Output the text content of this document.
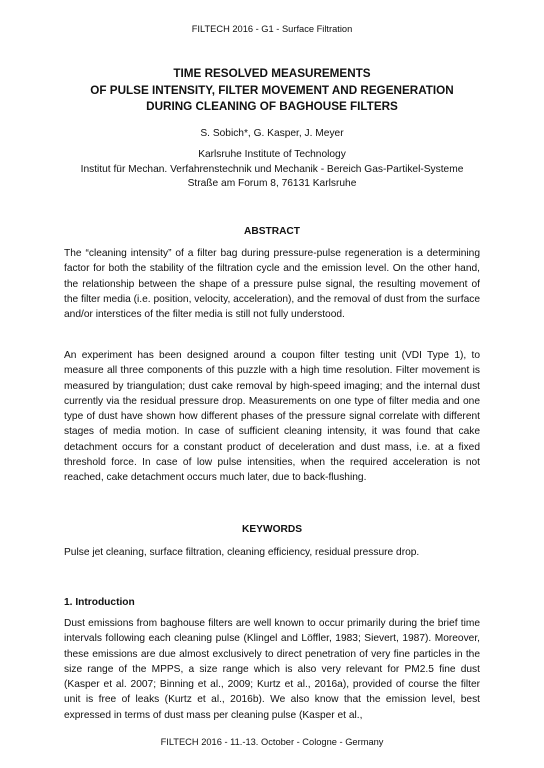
FILTECH 2016 - G1 - Surface Filtration
TIME RESOLVED MEASUREMENTS
OF PULSE INTENSITY, FILTER MOVEMENT AND REGENERATION
DURING CLEANING OF BAGHOUSE FILTERS
S. Sobich*, G. Kasper, J. Meyer
Karlsruhe Institute of Technology
Institut für Mechan. Verfahrenstechnik und Mechanik - Bereich Gas-Partikel-Systeme
Straße am Forum 8, 76131 Karlsruhe
ABSTRACT

The “cleaning intensity” of a filter bag during pressure-pulse regeneration is a determining factor for both the stability of the filtration cycle and the emission level. On the other hand, the relationship between the shape of a pressure pulse signal, the resulting movement of the filter media (i.e. position, velocity, acceleration), and the removal of dust from the surface and/or interstices of the filter media is still not fully understood.

An experiment has been designed around a coupon filter testing unit (VDI Type 1), to measure all three components of this puzzle with a high time resolution. Filter movement is measured by triangulation; dust cake removal by high-speed imaging; and the internal dust currently via the residual pressure drop. Measurements on one type of filter media and one type of dust have shown how different phases of the pressure signal correlate with different stages of media motion. In case of sufficient cleaning intensity, it was found that cake detachment occurs for a constant product of deceleration and dust mass, i.e. at a fixed threshold force. In case of low pulse intensities, when the required acceleration is not reached, cake detachment occurs much later, due to back-flushing.

KEYWORDS

Pulse jet cleaning, surface filtration, cleaning efficiency, residual pressure drop.

1. Introduction

Dust emissions from baghouse filters are well known to occur primarily during the brief time intervals following each cleaning pulse (Klingel and Löffler, 1983; Sievert, 1987). Moreover, these emissions are due almost exclusively to direct penetration of very fine particles in the size range of the MPPS, a size range which is also very relevant for PM2.5 fine dust (Kasper et al. 2007; Binning et al., 2009; Kurtz et al., 2016a), provided of course the filter unit is free of leaks (Kurtz et al., 2016b). We also know that the emission level, best expressed in terms of dust mass per cleaning pulse (Kasper et al.,

FILTECH 2016 - 11.-13. October - Cologne - Germany
